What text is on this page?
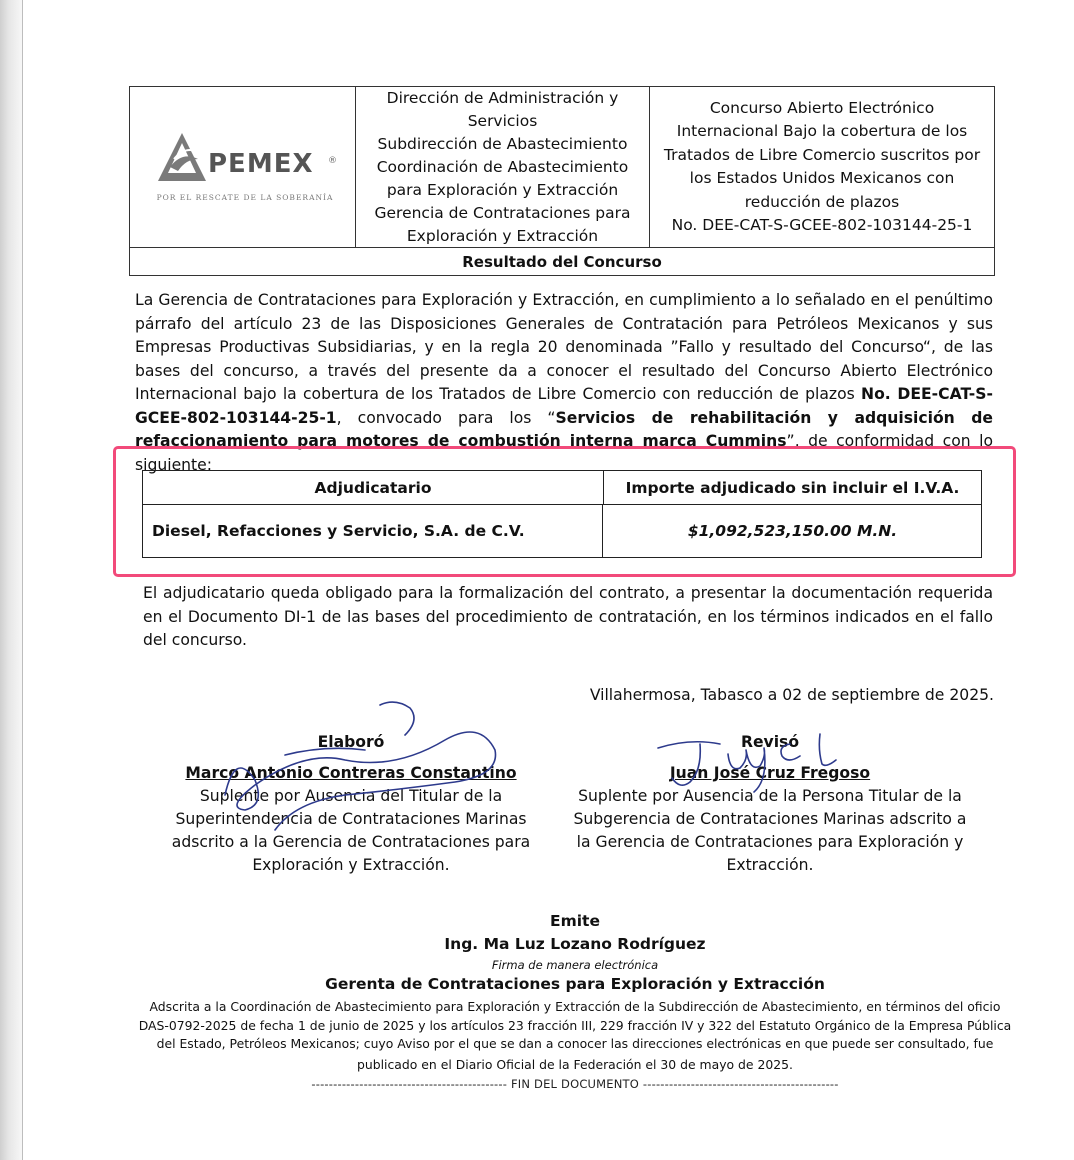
PEMEX ®
POR EL RESCATE DE LA SOBERANÍA
Dirección de Administración y
Servicios
Subdirección de Abastecimiento
Coordinación de Abastecimiento
para Exploración y Extracción
Gerencia de Contrataciones para
Exploración y Extracción
Concurso Abierto Electrónico
Internacional Bajo la cobertura de los
Tratados de Libre Comercio suscritos por
los Estados Unidos Mexicanos con
reducción de plazos
No. DEE-CAT-S-GCEE-802-103144-25-1
Resultado del Concurso
La Gerencia de Contrataciones para Exploración y Extracción, en cumplimiento a lo señalado en el penúltimo párrafo del artículo 23 de las Disposiciones Generales de Contratación para Petróleos Mexicanos y sus Empresas Productivas Subsidiarias, y en la regla 20 denominada ”Fallo y resultado del Concurso“, de las bases del concurso, a través del presente da a conocer el resultado del Concurso Abierto Electrónico Internacional bajo la cobertura de los Tratados de Libre Comercio con reducción de plazos No. DEE-CAT-S-GCEE-802-103144-25-1, convocado para los “Servicios de rehabilitación y adquisición de refaccionamiento para motores de combustión interna marca Cummins”, de conformidad con lo siguiente:
Adjudicatario	Importe adjudicado sin incluir el I.V.A.
Diesel, Refacciones y Servicio, S.A. de C.V.	$1,092,523,150.00 M.N.
El adjudicatario queda obligado para la formalización del contrato, a presentar la documentación requerida en el Documento DI-1 de las bases del procedimiento de contratación, en los términos indicados en el fallo del concurso.
Villahermosa, Tabasco a 02 de septiembre de 2025.
Elaboró
Marco Antonio Contreras Constantino
Suplente por Ausencia del Titular de la
Superintendencia de Contrataciones Marinas
adscrito a la Gerencia de Contrataciones para
Exploración y Extracción.
Revisó
Juan José Cruz Fregoso
Suplente por Ausencia de la Persona Titular de la
Subgerencia de Contrataciones Marinas adscrito a
la Gerencia de Contrataciones para Exploración y
Extracción.
Emite
Ing. Ma Luz Lozano Rodríguez
Firma de manera electrónica
Gerenta de Contrataciones para Exploración y Extracción
Adscrita a la Coordinación de Abastecimiento para Exploración y Extracción de la Subdirección de Abastecimiento, en términos del oficio
DAS-0792-2025 de fecha 1 de junio de 2025 y los artículos 23 fracción III, 229 fracción IV y 322 del Estatuto Orgánico de la Empresa Pública
del Estado, Petróleos Mexicanos; cuyo Aviso por el que se dan a conocer las direcciones electrónicas en que puede ser consultado, fue
publicado en el Diario Oficial de la Federación el 30 de mayo de 2025.
--------------------------------------------- FIN DEL DOCUMENTO ---------------------------------------------
